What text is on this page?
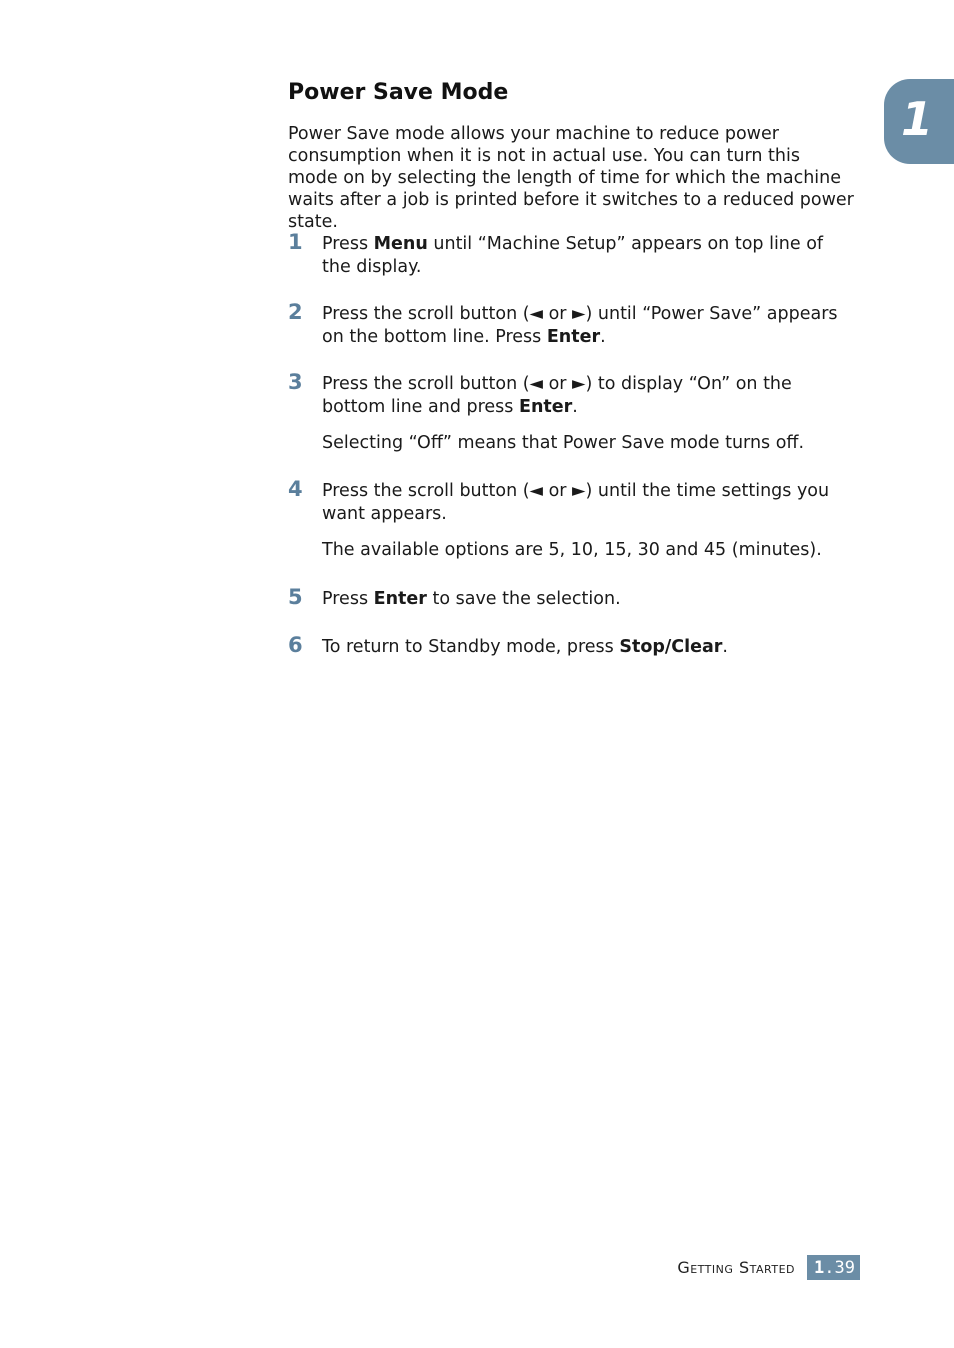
1
Power Save Mode

Power Save mode allows your machine to reduce power consumption when it is not in actual use. You can turn this mode on by selecting the length of time for which the machine waits after a job is printed before it switches to a reduced power state.

1 Press Menu until “Machine Setup” appears on top line of the display.

2 Press the scroll button (◄ or ►) until “Power Save” appears on the bottom line. Press Enter.

3 Press the scroll button (◄ or ►) to display “On” on the bottom line and press Enter.

Selecting “Off” means that Power Save mode turns off.

4 Press the scroll button (◄ or ►) until the time settings you want appears.

The available options are 5, 10, 15, 30 and 45 (minutes).

5 Press Enter to save the selection.

6 To return to Standby mode, press Stop/Clear.

Getting Started 1 .39
